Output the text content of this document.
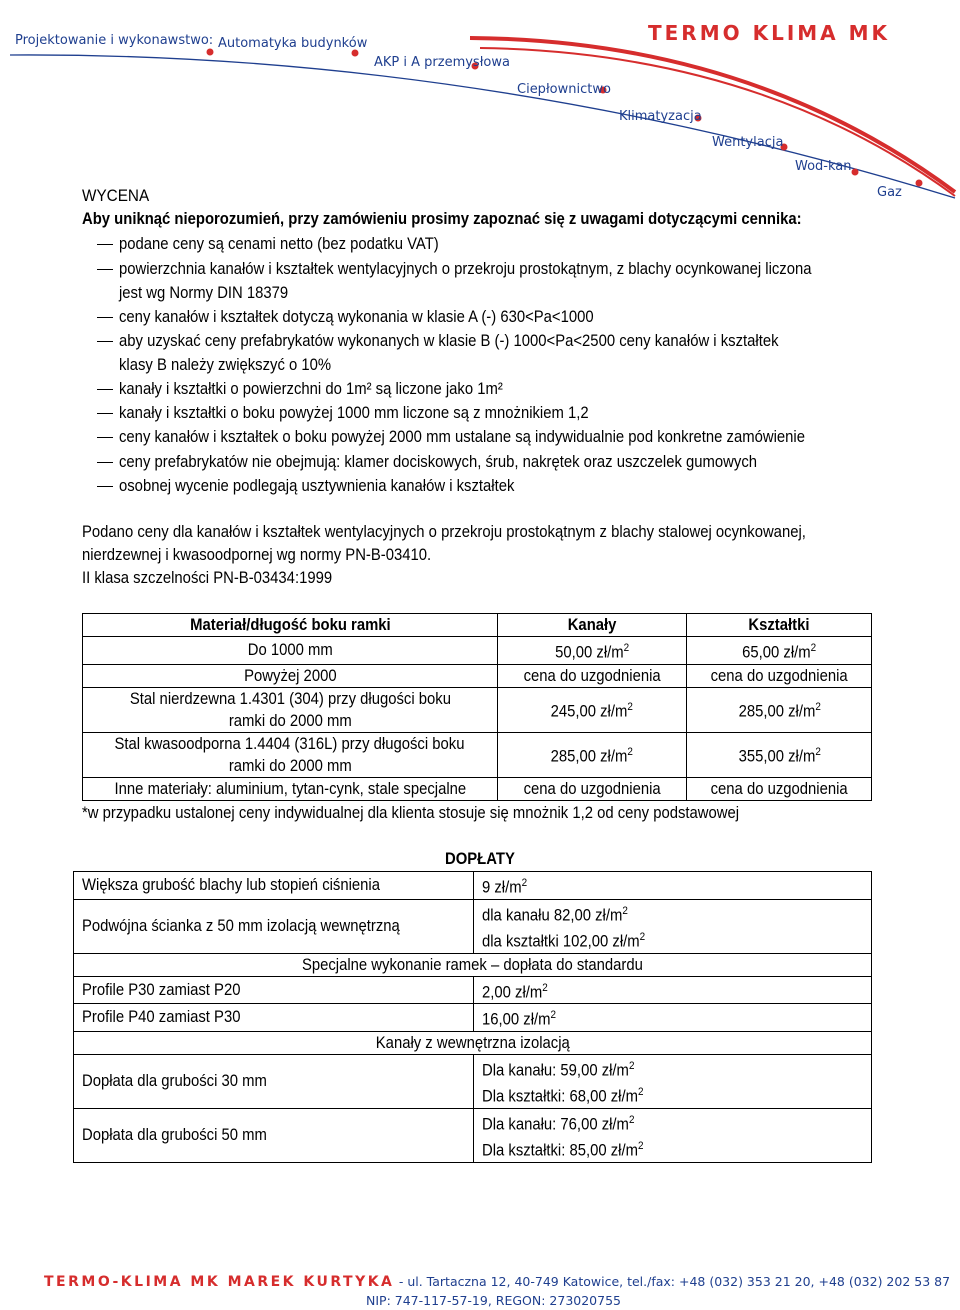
Projektowanie i wykonawstwo:	TERMO KLIMA MK
Automatyka budynków
AKP i A przemysłowa
Ciepłownictwo
Klimatyzacja
Wentylacja
Wod-kan
Gaz
WYCENA
Aby uniknąć nieporozumień, przy zamówieniu prosimy zapoznać się z uwagami dotyczącymi cennika:
podane ceny są cenami netto (bez podatku VAT)
powierzchnia kanałów i kształtek wentylacyjnych o przekroju prostokątnym, z blachy ocynkowanej liczona
jest wg Normy DIN 18379
ceny kanałów i kształtek dotyczą wykonania w klasie A (-) 630<Pa<1000
aby uzyskać ceny prefabrykatów wykonanych w klasie B (-) 1000<Pa<2500 ceny kanałów i kształtek
klasy B należy zwiększyć o 10%
kanały i kształtki o powierzchni do 1m² są liczone jako 1m²
kanały i kształtki o boku powyżej 1000 mm liczone są z mnożnikiem 1,2
ceny kanałów i kształtek o boku powyżej 2000 mm ustalane są indywidualnie pod konkretne zamówienie
ceny prefabrykatów nie obejmują: klamer dociskowych, śrub, nakrętek oraz uszczelek gumowych
osobnej wycenie podlegają usztywnienia kanałów i kształtek
Podano ceny dla kanałów i kształtek wentylacyjnych o przekroju prostokątnym z blachy stalowej ocynkowanej,
nierdzewnej i kwasoodpornej wg normy PN-B-03410.
II klasa szczelności PN-B-03434:1999
Materiał/długość boku ramki	Kanały	Kształtki
Do 1000 mm	50,00 $zł/m^2$	65,00 $zł/m^2$
Powyżej 2000	cena do uzgodnienia	cena do uzgodnienia
Stal nierdzewna 1.4301 (304) przy długości boku
ramki do 2000 mm	245,00 $zł/m^2$	285,00 $zł/m^2$
Stal kwasoodporna 1.4404 (316L) przy długości boku
ramki do 2000 mm	285,00 $zł/m^2$	355,00 $zł/m^2$
Inne materiały: aluminium, tytan-cynk, stale specjalne	cena do uzgodnienia	cena do uzgodnienia
*w przypadku ustalonej ceny indywidualnej dla klienta stosuje się mnożnik 1,2 od ceny podstawowej
DOPŁATY
Większa grubość blachy lub stopień ciśnienia	9 $zł/m^2$
Podwójna ścianka z 50 mm izolacją wewnętrzną	dla kanału 82,00 $zł/m^2$
dla kształtki 102,00 $zł/m^2$
Specjalne wykonanie ramek – dopłata do standardu	
Profile P30 zamiast P20	2,00 $zł/m^2$
Profile P40 zamiast P30	16,00 $zł/m^2$
Kanały z wewnętrzna izolacją	
Dopłata dla grubości 30 mm	Dla kanału: 59,00 $zł/m^2$
Dla kształtki: 68,00 $zł/m^2$
Dopłata dla grubości 50 mm	Dla kanału: 76,00 $zł/m^2$
Dla kształtki: 85,00 $zł/m^2$
TERMO-KLIMA MK MAREK KURTYKA - ul. Tartaczna 12, 40-749 Katowice, tel./fax: +48 (032) 353 21 20, +48 (032) 202 53 87
NIP: 747-117-57-19, REGON: 273020755
